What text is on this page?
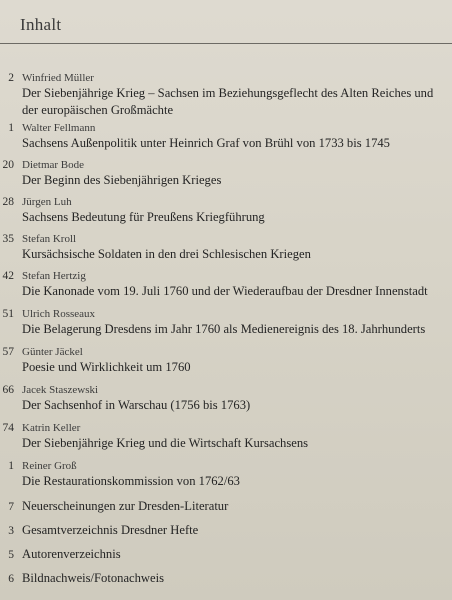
Inhalt
2 Winfried Müller
Der Siebenjährige Krieg – Sachsen im Beziehungsgeflecht des Alten Reiches und der europäischen Großmächte
1 Walter Fellmann
Sachsens Außenpolitik unter Heinrich Graf von Brühl von 1733 bis 1745
20 Dietmar Bode
Der Beginn des Siebenjährigen Krieges
28 Jürgen Luh
Sachsens Bedeutung für Preußens Kriegführung
35 Stefan Kroll
Kursächsische Soldaten in den drei Schlesischen Kriegen
42 Stefan Hertzig
Die Kanonade vom 19. Juli 1760 und der Wiederaufbau der Dresdner Innenstadt
51 Ulrich Rosseaux
Die Belagerung Dresdens im Jahr 1760 als Medienereignis des 18. Jahrhunderts
57 Günter Jäckel
Poesie und Wirklichkeit um 1760
66 Jacek Staszewski
Der Sachsenhof in Warschau (1756 bis 1763)
74 Katrin Keller
Der Siebenjährige Krieg und die Wirtschaft Kursachsens
1 Reiner Groß
Die Restaurationskommission von 1762/63
7 Neuerscheinungen zur Dresden-Literatur
3 Gesamtverzeichnis Dresdner Hefte
5 Autorenverzeichnis
6 Bildnachweis/Fotonachweis
